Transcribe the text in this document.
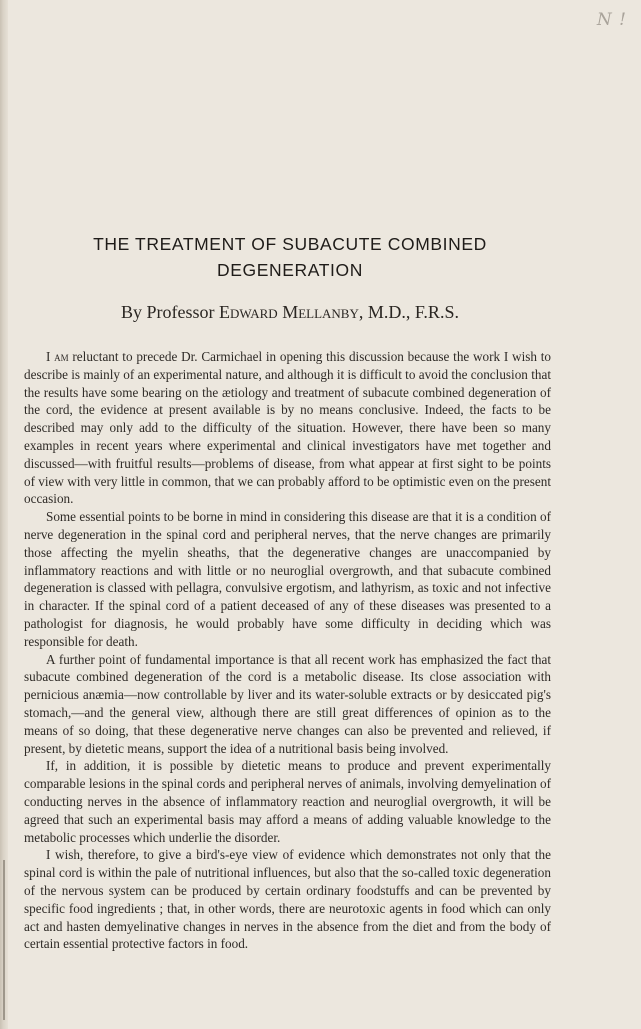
N !
THE TREATMENT OF SUBACUTE COMBINED
DEGENERATION
By Professor Edward Mellanby, M.D., F.R.S.

I am reluctant to precede Dr. Carmichael in opening this discussion because the work I wish to describe is mainly of an experimental nature, and although it is difficult to avoid the conclusion that the results have some bearing on the ætiology and treatment of subacute combined degeneration of the cord, the evidence at present available is by no means conclusive. Indeed, the facts to be described may only add to the difficulty of the situation. However, there have been so many examples in recent years where experimental and clinical investigators have met together and discussed—with fruitful results—problems of disease, from what appear at first sight to be points of view with very little in common, that we can probably afford to be optimistic even on the present occasion.

Some essential points to be borne in mind in considering this disease are that it is a condition of nerve degeneration in the spinal cord and peripheral nerves, that the nerve changes are primarily those affecting the myelin sheaths, that the degenerative changes are unaccompanied by inflammatory reactions and with little or no neuroglial overgrowth, and that subacute combined degeneration is classed with pellagra, convulsive ergotism, and lathyrism, as toxic and not infective in character. If the spinal cord of a patient deceased of any of these diseases was presented to a pathologist for diagnosis, he would probably have some difficulty in deciding which was responsible for death.

A further point of fundamental importance is that all recent work has emphasized the fact that subacute combined degeneration of the cord is a metabolic disease. Its close association with pernicious anæmia—now controllable by liver and its water-soluble extracts or by desiccated pig's stomach,—and the general view, although there are still great differences of opinion as to the means of so doing, that these degenerative nerve changes can also be prevented and relieved, if present, by dietetic means, support the idea of a nutritional basis being involved.

If, in addition, it is possible by dietetic means to produce and prevent experimentally comparable lesions in the spinal cords and peripheral nerves of animals, involving demyelination of conducting nerves in the absence of inflammatory reaction and neuroglial overgrowth, it will be agreed that such an experimental basis may afford a means of adding valuable knowledge to the metabolic processes which underlie the disorder.

I wish, therefore, to give a bird's-eye view of evidence which demonstrates not only that the spinal cord is within the pale of nutritional influences, but also that the so-called toxic degeneration of the nervous system can be produced by certain ordinary foodstuffs and can be prevented by specific food ingredients ; that, in other words, there are neurotoxic agents in food which can only act and hasten demyelinative changes in nerves in the absence from the diet and from the body of certain essential protective factors in food.
